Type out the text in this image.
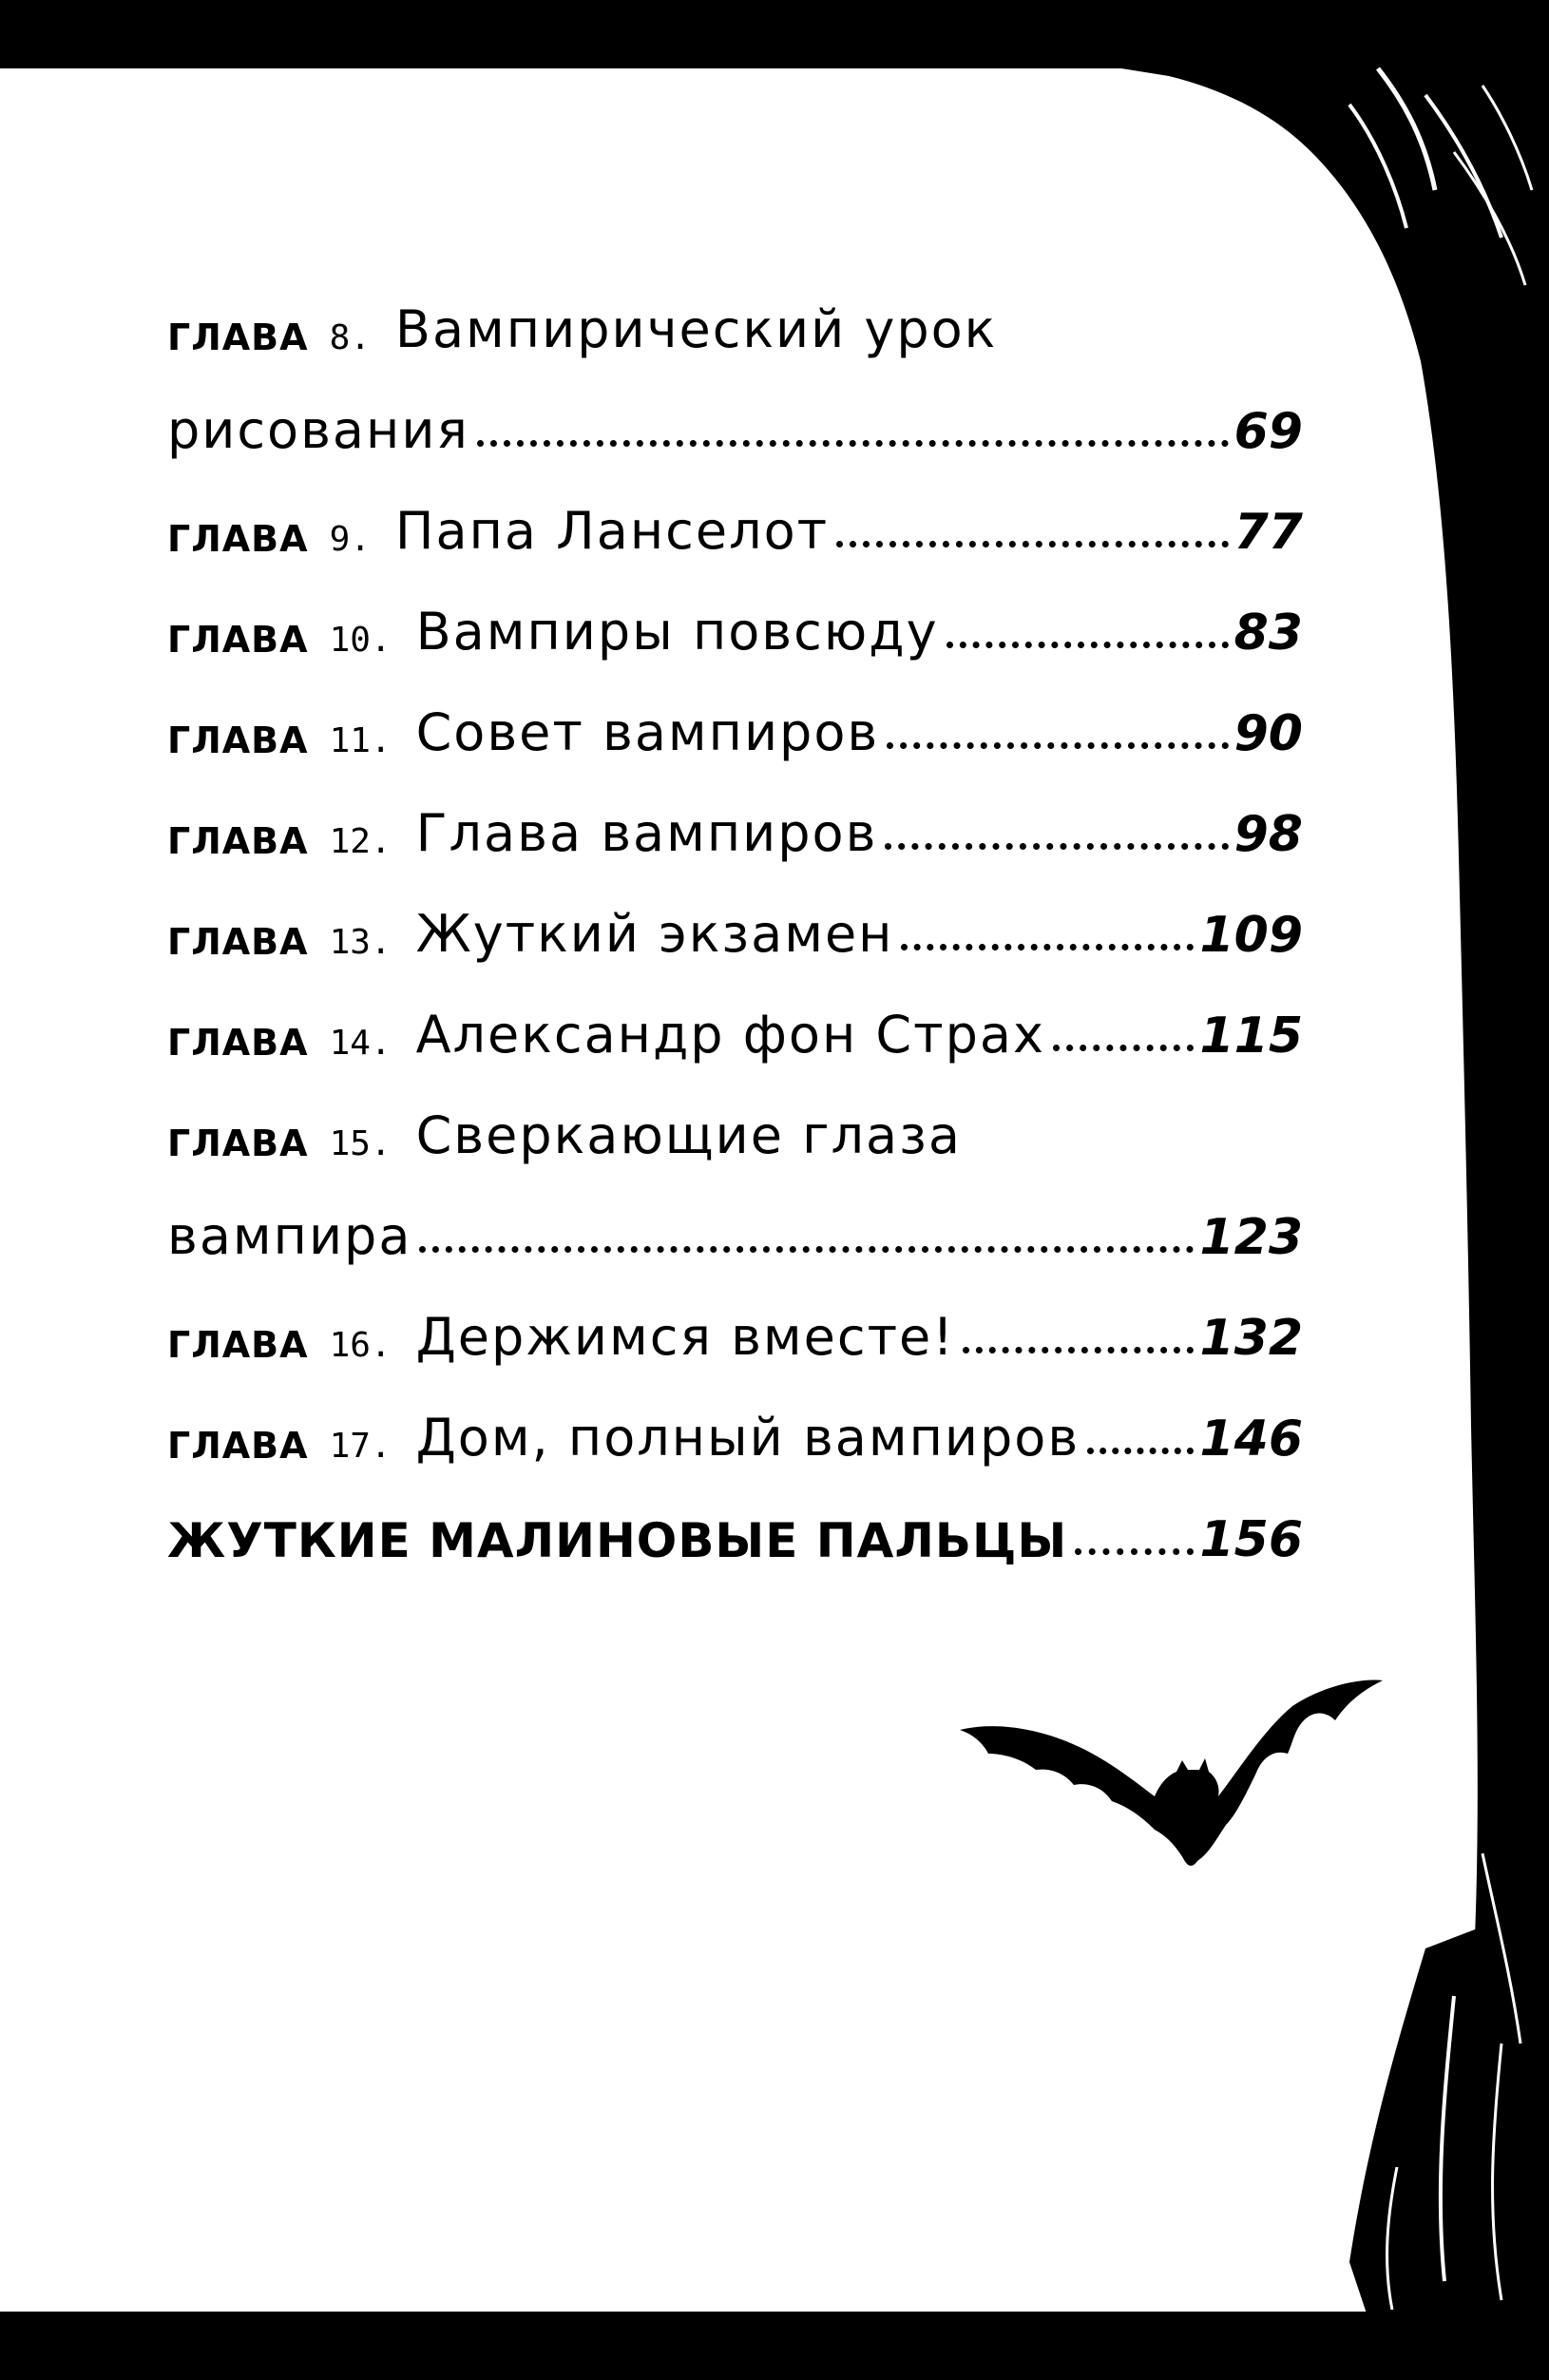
ГЛАВА 8. Вампирический урок
рисования	69
ГЛАВА 9. Папа Ланселот	77
ГЛАВА 10. Вампиры повсюду	83
ГЛАВА 11. Совет вампиров	90
ГЛАВА 12. Глава вампиров	98
ГЛАВА 13. Жуткий экзамен	109
ГЛАВА 14. Александр фон Страх	115
ГЛАВА 15. Сверкающие глаза
вампира	123
ГЛАВА 16. Держимся вместе!	132
ГЛАВА 17. Дом, полный вампиров 146
ЖУТКИЕ МАЛИНОВЫЕ ПАЛЬЦЫ	156
